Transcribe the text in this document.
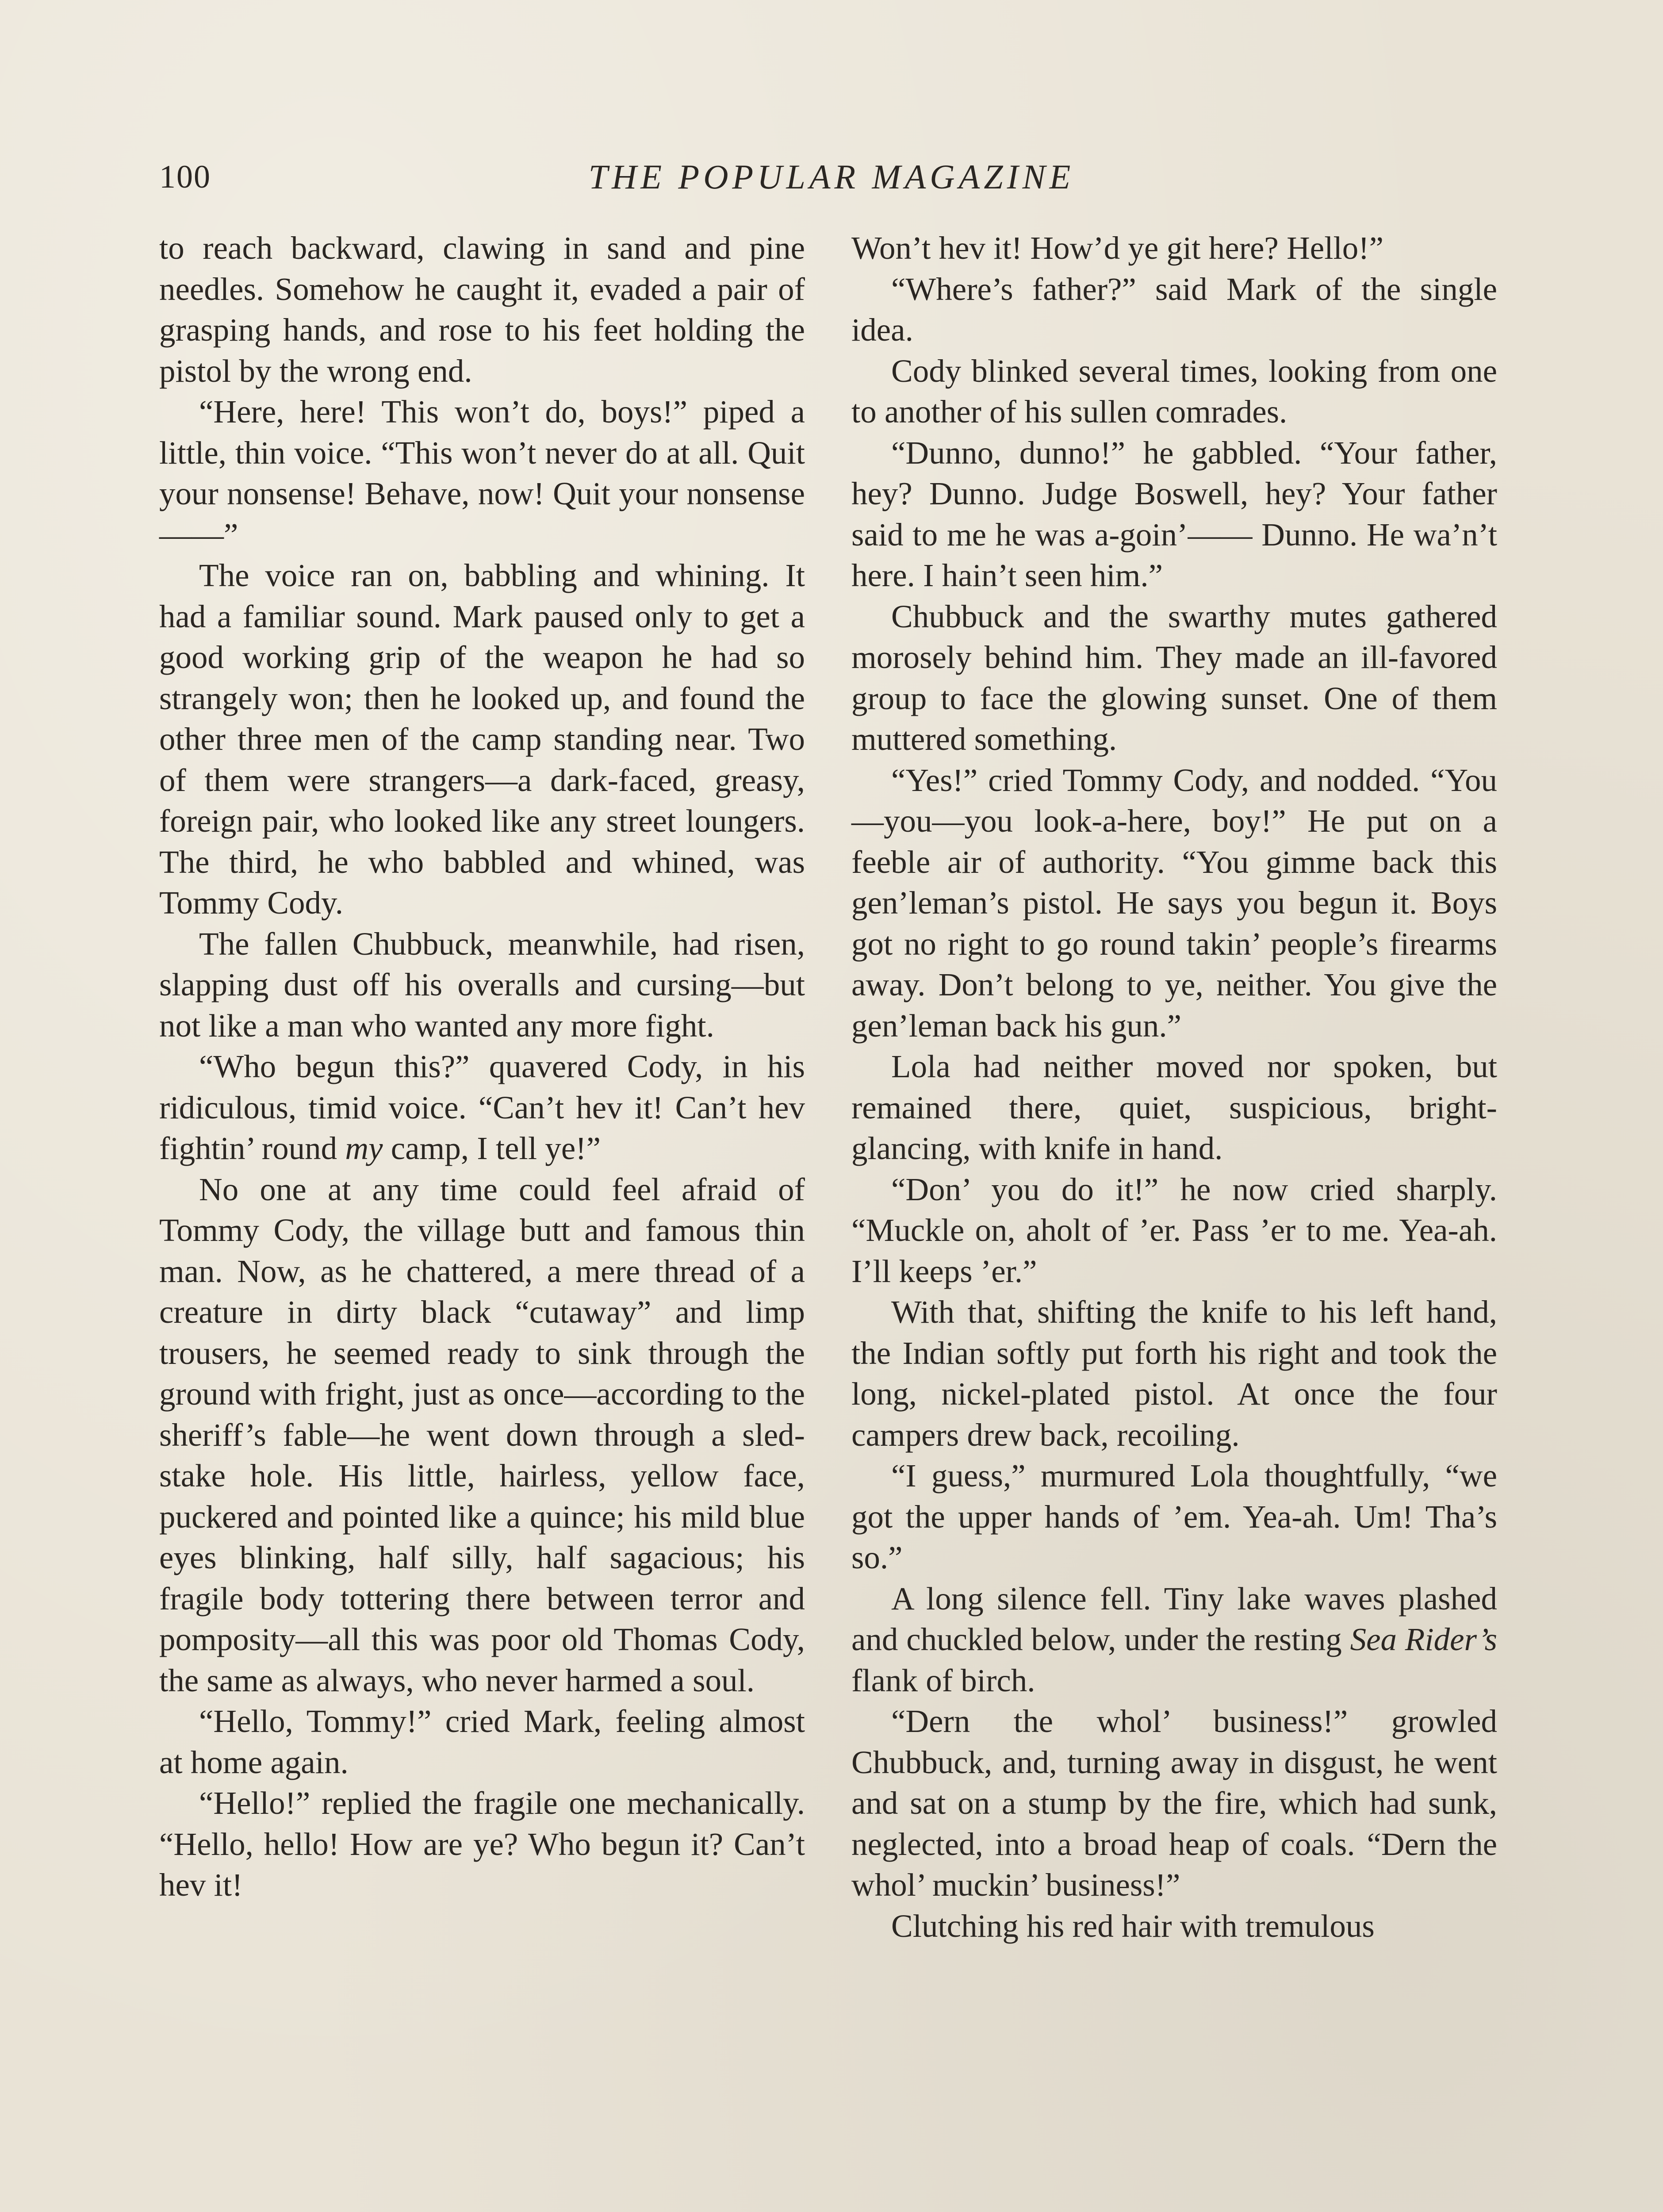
100	THE POPULAR MAGAZINE

to reach backward, clawing in sand and pine needles. Somehow he caught it, evaded a pair of grasping hands, and rose to his feet holding the pistol by the wrong end.

“Here, here! This won’t do, boys!” piped a little, thin voice. “This won’t never do at all. Quit your nonsense! Behave, now! Quit your nonsense——”

The voice ran on, babbling and whining. It had a familiar sound. Mark paused only to get a good working grip of the weapon he had so strangely won; then he looked up, and found the other three men of the camp standing near. Two of them were strangers—a dark-faced, greasy, foreign pair, who looked like any street loungers. The third, he who babbled and whined, was Tommy Cody.

The fallen Chubbuck, meanwhile, had risen, slapping dust off his overalls and cursing—but not like a man who wanted any more fight.

“Who begun this?” quavered Cody, in his ridiculous, timid voice. “Can’t hev it! Can’t hev fightin’ round my camp, I tell ye!”

No one at any time could feel afraid of Tommy Cody, the village butt and famous thin man. Now, as he chattered, a mere thread of a creature in dirty black “cutaway” and limp trousers, he seemed ready to sink through the ground with fright, just as once—according to the sheriff’s fable—he went down through a sled-stake hole. His little, hairless, yellow face, puckered and pointed like a quince; his mild blue eyes blinking, half silly, half sagacious; his fragile body tottering there between terror and pomposity—all this was poor old Thomas Cody, the same as always, who never harmed a soul.

“Hello, Tommy!” cried Mark, feeling almost at home again.

“Hello!” replied the fragile one mechanically. “Hello, hello! How are ye? Who begun it? Can’t hev it!

Won’t hev it! How’d ye git here? Hello!”

“Where’s father?” said Mark of the single idea.

Cody blinked several times, looking from one to another of his sullen comrades.

“Dunno, dunno!” he gabbled. “Your father, hey? Dunno. Judge Boswell, hey? Your father said to me he was a-goin’—— Dunno. He wa’n’t here. I hain’t seen him.”

Chubbuck and the swarthy mutes gathered morosely behind him. They made an ill-favored group to face the glowing sunset. One of them muttered something.

“Yes!” cried Tommy Cody, and nodded. “You—you—you look-a-here, boy!” He put on a feeble air of authority. “You gimme back this gen’leman’s pistol. He says you begun it. Boys got no right to go round takin’ people’s firearms away. Don’t belong to ye, neither. You give the gen’leman back his gun.”

Lola had neither moved nor spoken, but remained there, quiet, suspicious, bright-glancing, with knife in hand.

“Don’ you do it!” he now cried sharply. “Muckle on, aholt of ’er. Pass ’er to me. Yea-ah. I’ll keeps ’er.”

With that, shifting the knife to his left hand, the Indian softly put forth his right and took the long, nickel-plated pistol. At once the four campers drew back, recoiling.

“I guess,” murmured Lola thoughtfully, “we got the upper hands of ’em. Yea-ah. Um! Tha’s so.”

A long silence fell. Tiny lake waves plashed and chuckled below, under the resting Sea Rider’s flank of birch.

“Dern the whol’ business!” growled Chubbuck, and, turning away in disgust, he went and sat on a stump by the fire, which had sunk, neglected, into a broad heap of coals. “Dern the whol’ muckin’ business!”

Clutching his red hair with tremulous
